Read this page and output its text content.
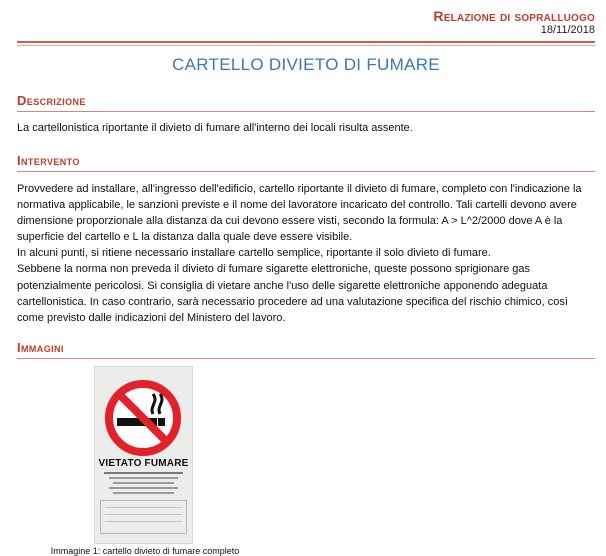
Relazione di sopralluogo
18/11/2018
CARTELLO DIVIETO DI FUMARE
Descrizione

La cartellonistica riportante il divieto di fumare all'interno dei locali risulta assente.

Intervento

Provvedere ad installare, all'ingresso dell'edificio, cartello riportante il divieto di fumare, completo con l'indicazione la normativa applicabile, le sanzioni previste e il nome del lavoratore incaricato del controllo. Tali cartelli devono avere dimensione proporzionale alla distanza da cui devono essere visti, secondo la formula: A > L^2/2000 dove A è la superficie del cartello e L la distanza dalla quale deve essere visibile.

In alcuni punti, si ritiene necessario installare cartello semplice, riportante il solo divieto di fumare.

Sebbene la norma non preveda il divieto di fumare sigarette elettroniche, queste possono sprigionare gas potenzialmente pericolosi. Si consiglia di vietare anche l'uso delle sigarette elettroniche apponendo adeguata cartellonistica. In caso contrario, sarà necessario procedere ad una valutazione specifica del rischio chimico, così come previsto dalle indicazioni del Ministero del lavoro.

Immagini
VIETATO FUMARE
Immagine 1: cartello divieto di fumare completo
